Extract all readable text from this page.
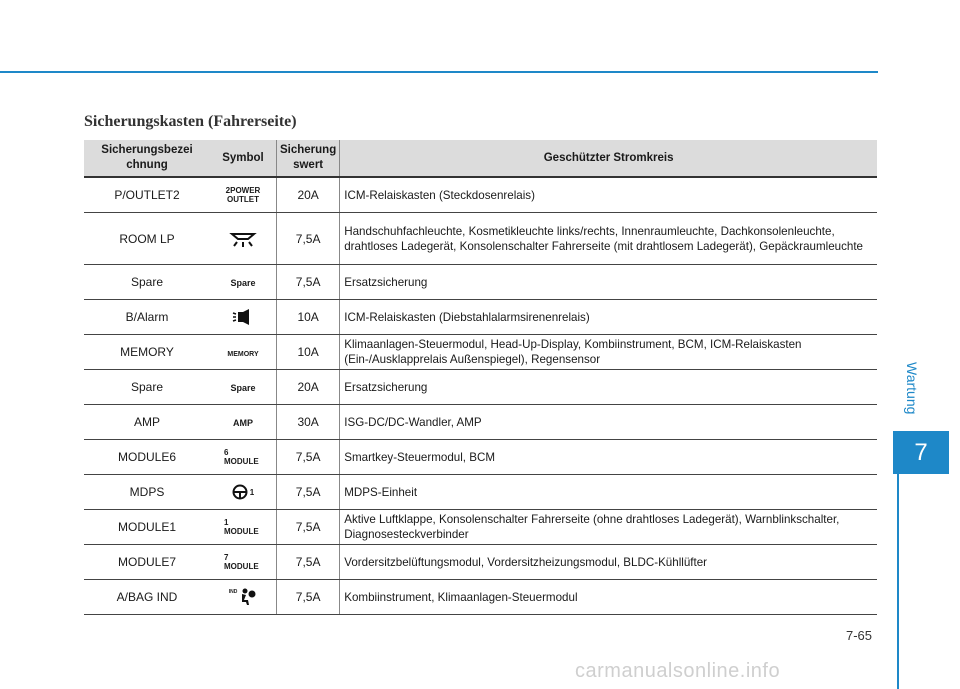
Wartung
7
Sicherungskasten (Fahrerseite)
Sicherungsbezei chnung	Symbol	Sicherung swert	Geschützter Stromkreis
P/OUTLET2	2POWER OUTLET	20A	ICM-Relaiskasten (Steckdosenrelais)
ROOM LP		7,5A	Handschuhfachleuchte, Kosmetikleuchte links/rechts, Innenraumleuchte, Dachkonsolenleuchte, drahtloses Ladegerät, Konsolenschalter Fahrerseite (mit drahtlosem Ladegerät), Gepäckraumleuchte
Spare	Spare	7,5A	Ersatzsicherung
B/Alarm		10A	ICM-Relaiskasten (Diebstahlalarmsirenenrelais)
MEMORY	MEMORY	10A	Klimaanlagen-Steuermodul, Head-Up-Display, Kombiinstrument, BCM, ICM-Relaiskasten (Ein-/Ausklapprelais Außenspiegel), Regensensor
Spare	Spare	20A	Ersatzsicherung
AMP	AMP	30A	ISG-DC/DC-Wandler, AMP
MODULE6	6 MODULE	7,5A	Smartkey-Steuermodul, BCM
MDPS	1	7,5A	MDPS-Einheit
MODULE1	1 MODULE	7,5A	Aktive Luftklappe, Konsolenschalter Fahrerseite (ohne drahtloses Ladegerät), Warnblinkschalter, Diagnosesteckverbinder
MODULE7	7 MODULE	7,5A	Vordersitzbelüftungsmodul, Vordersitzheizungsmodul, BLDC-Kühllüfter
A/BAG IND	IND	7,5A	Kombiinstrument, Klimaanlagen-Steuermodul
7-65
carmanualsonline.info
